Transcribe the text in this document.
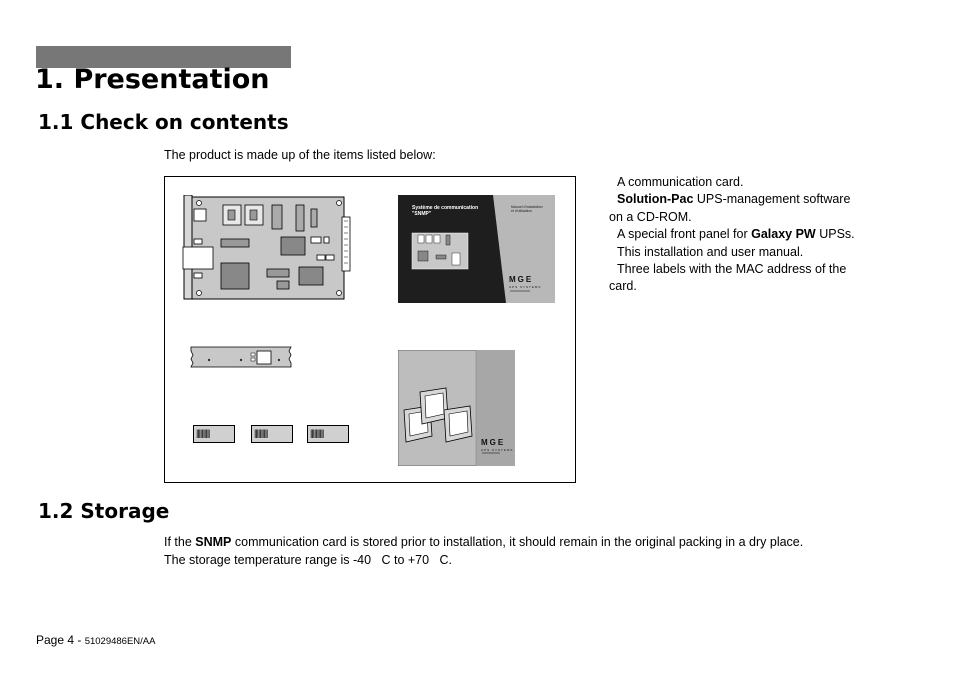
1. Presentation
1.1 Check on contents
The product is made up of the items listed below:
Système de communication
"SNMP"
Manuel d'installation
et d'utilisation
MGE
UPS SYSTEMS
MGE
UPS SYSTEMS
||||||||||	||||||||||	||||||||||

A communication card.

Solution-Pac UPS-management software

on a CD-ROM.

A special front panel for Galaxy PW UPSs.

This installation and user manual.

Three labels with the MAC address of the

card.

1.2 Storage
If the SNMP communication card is stored prior to installation, it should remain in the original packing in a dry place.
The storage temperature range is -40   C to +70   C.
Page 4 - 51029486EN/AA
